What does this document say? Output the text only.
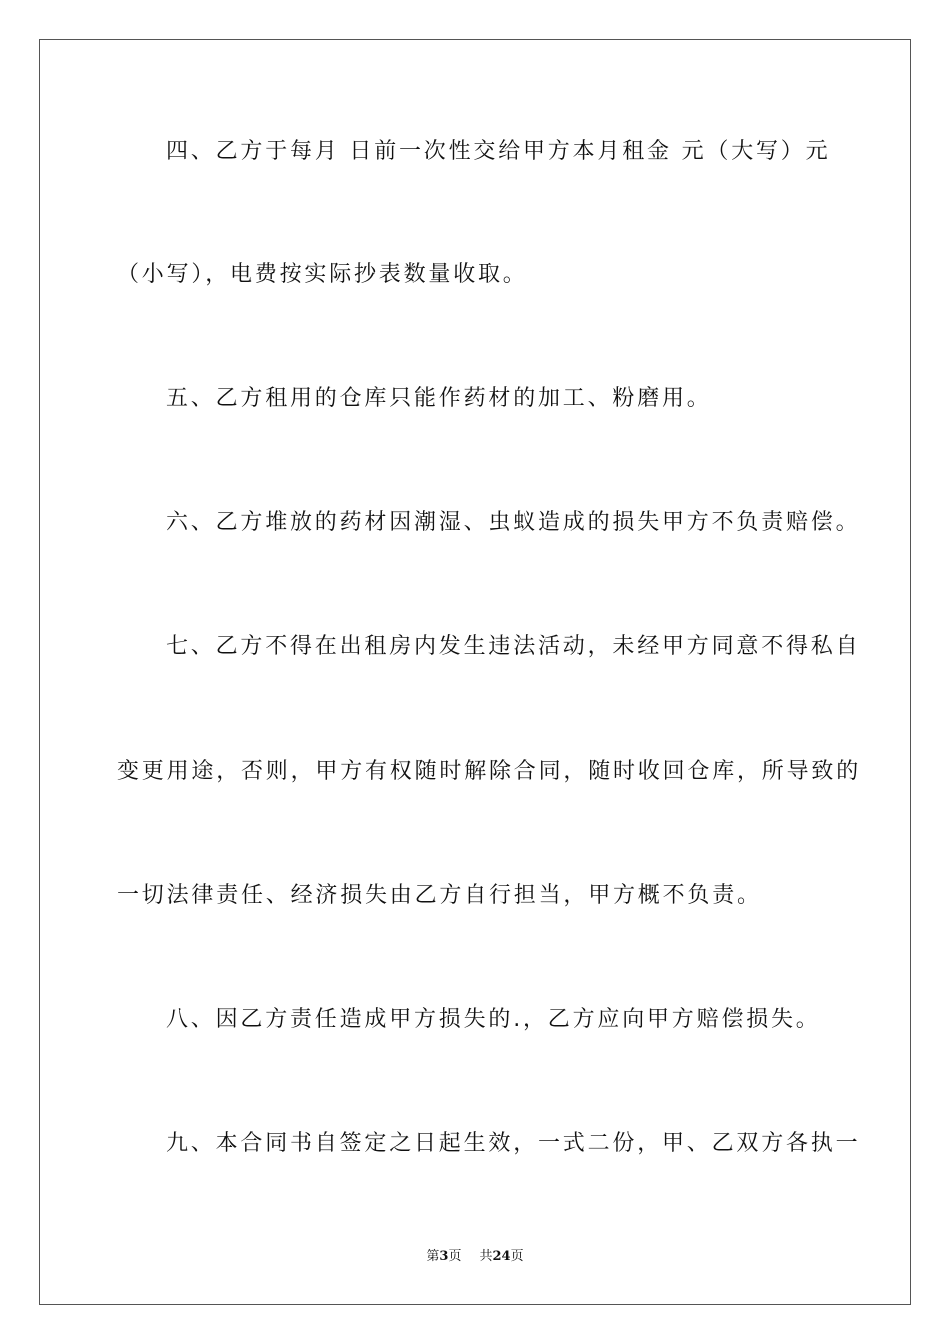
四、乙方于每月 日前一次性交给甲方本月租金 元（大写）元
（小写），电费按实际抄表数量收取。
五、乙方租用的仓库只能作药材的加工、粉磨用。
六、乙方堆放的药材因潮湿、虫蚁造成的损失甲方不负责赔偿。
七、乙方不得在出租房内发生违法活动，未经甲方同意不得私自
变更用途，否则，甲方有权随时解除合同，随时收回仓库，所导致的
一切法律责任、经济损失由乙方自行担当，甲方概不负责。
八、因乙方责任造成甲方损失的.，乙方应向甲方赔偿损失。
九、本合同书自签定之日起生效，一式二份，甲、乙双方各执一
第3页 共24页
